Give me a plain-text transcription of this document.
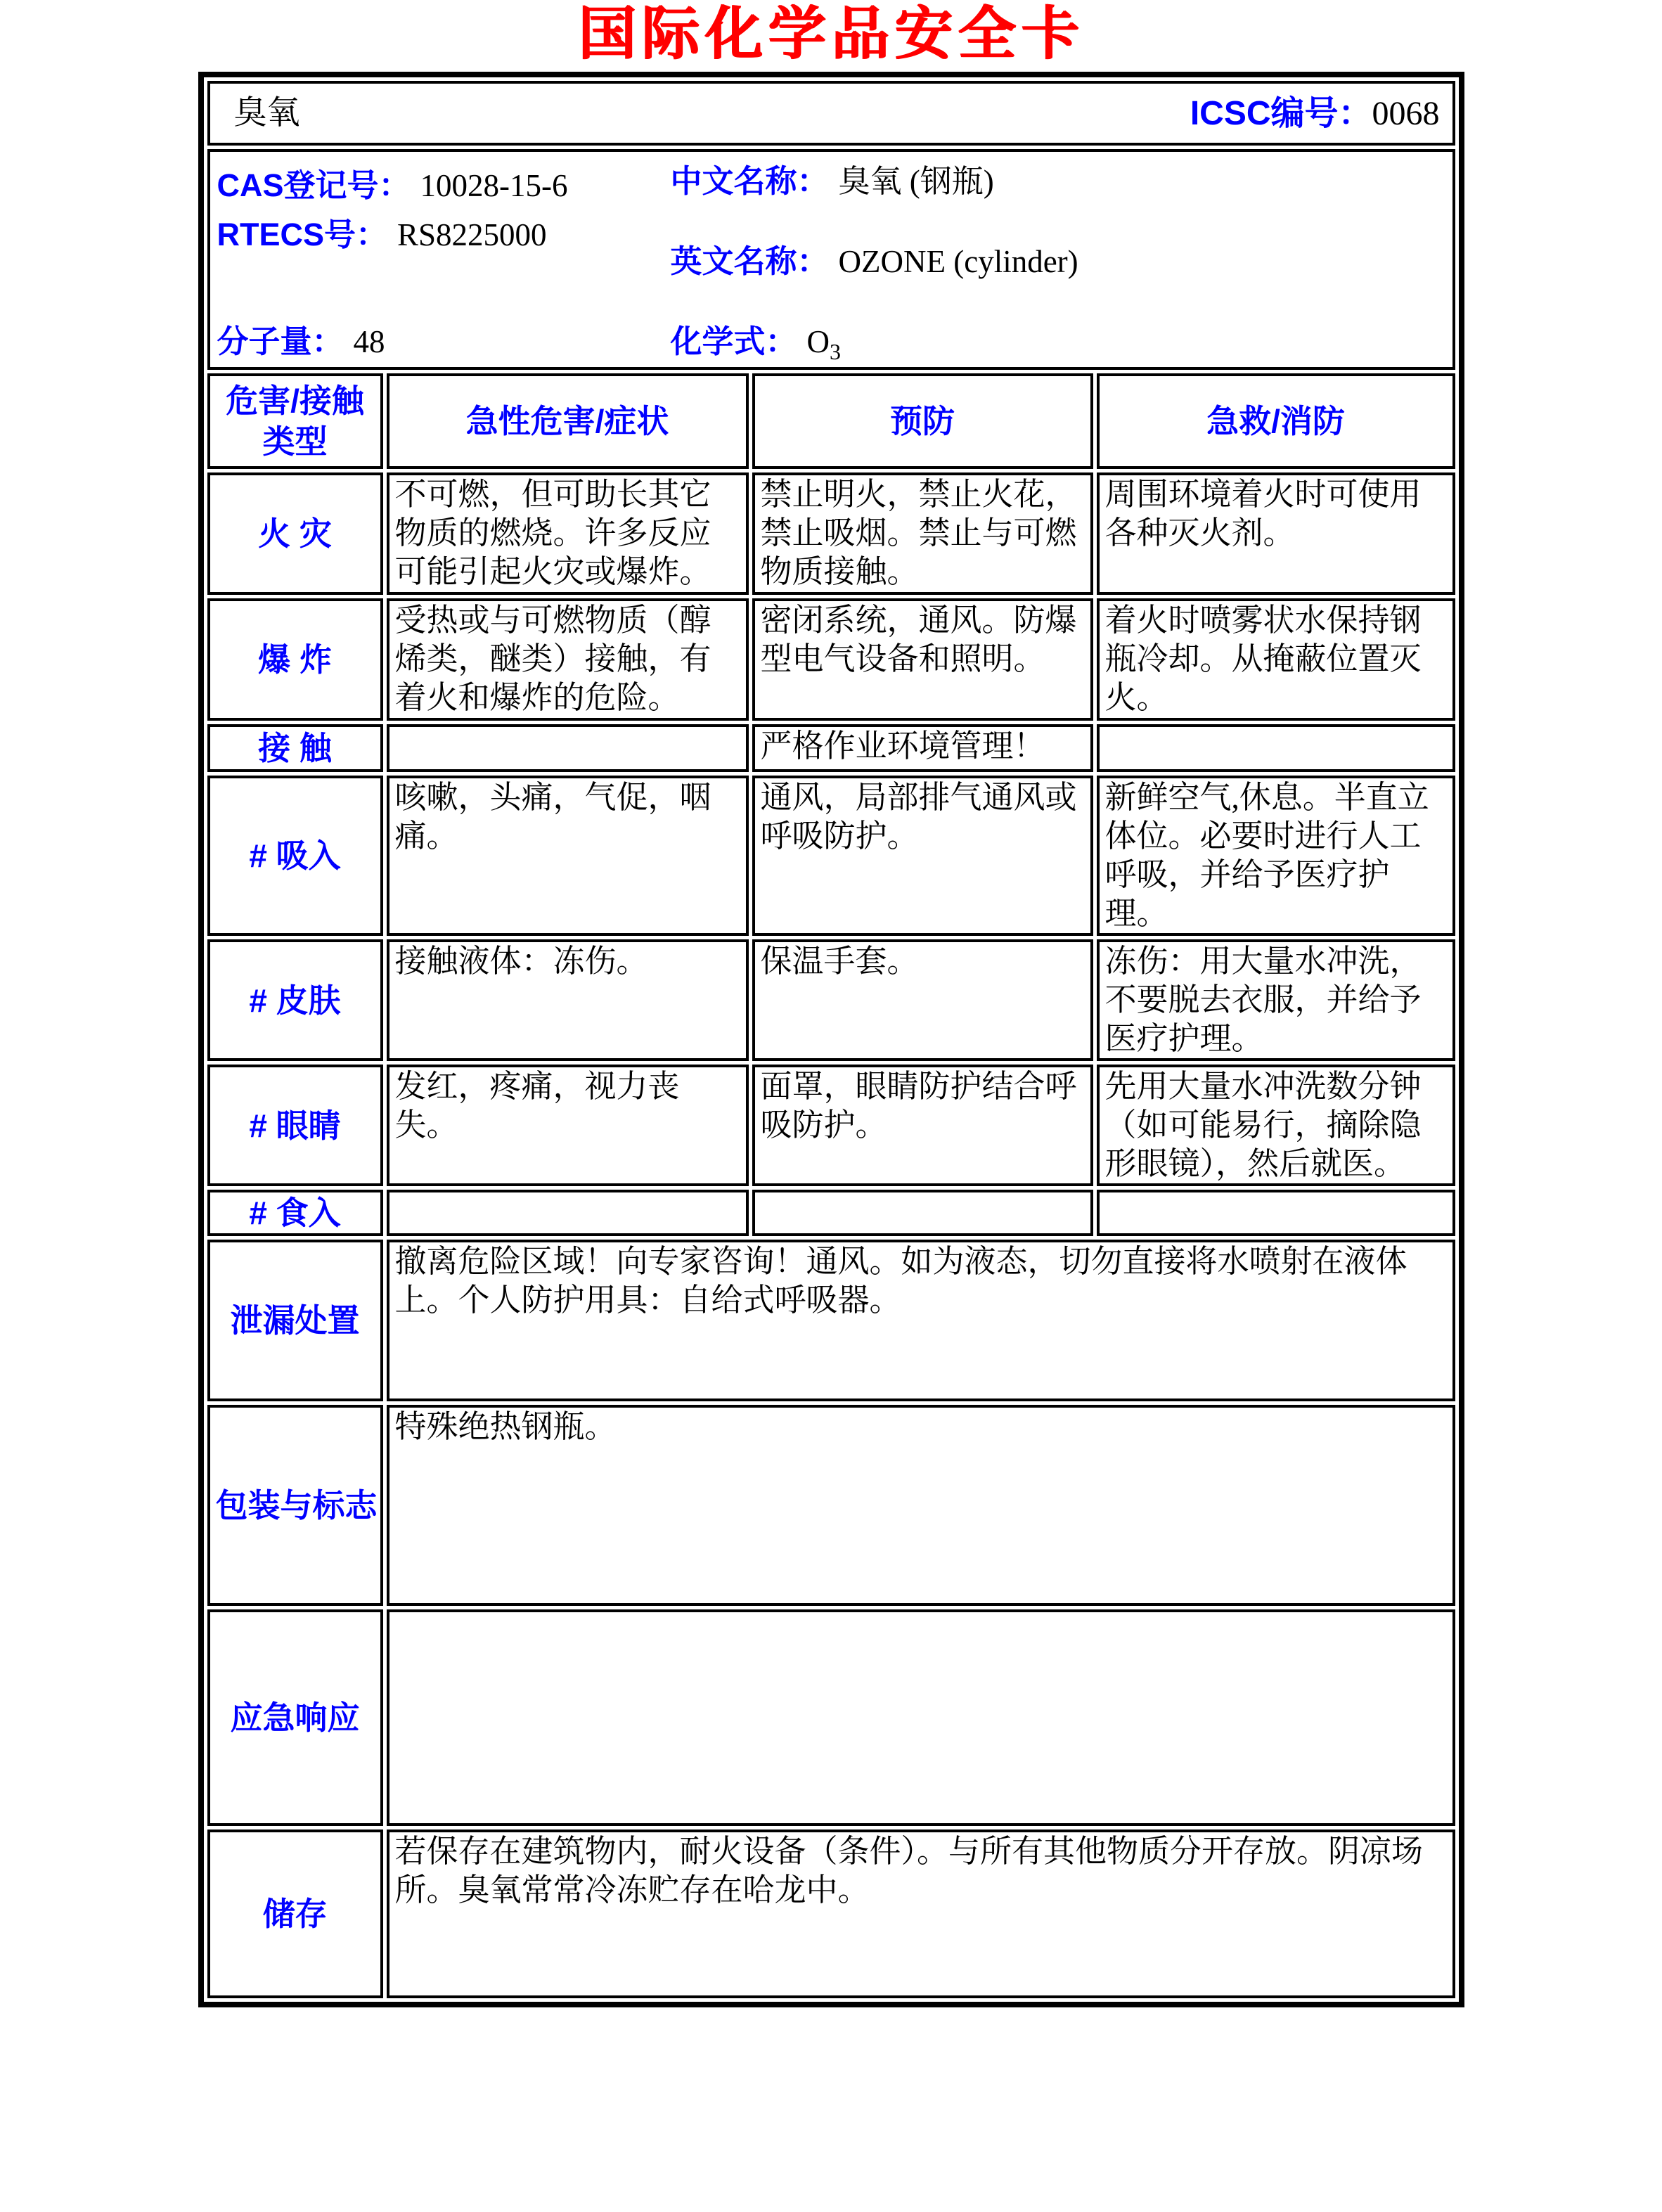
国际化学品安全卡
臭氧 ICSC编号：0068			

CAS登记号： 10028-15-6	中文名称： 臭氧 (钢瓶)
RTECS号： RS8225000
英文名称： OZONE (cylinder)
分子量： 48	化学式： $O_3$

危害/接触类型	急性危害/症状	预防	急救/消防
火 灾	不可燃，但可助长其它物质的燃烧。许多反应可能引起火灾或爆炸。	禁止明火，禁止火花，禁止吸烟。禁止与可燃物质接触。	周围环境着火时可使用各种灭火剂。
爆 炸	受热或与可燃物质（醇烯类，醚类）接触，有着火和爆炸的危险。	密闭系统，通风。防爆型电气设备和照明。	着火时喷雾状水保持钢瓶冷却。从掩蔽位置灭火。
接 触		严格作业环境管理！	
# 吸入	咳嗽，头痛，气促，咽痛。	通风，局部排气通风或呼吸防护。	新鲜空气,休息。半直立体位。必要时进行人工呼吸，并给予医疗护理。
# 皮肤	接触液体：冻伤。	保温手套。	冻伤：用大量水冲洗，不要脱去衣服，并给予医疗护理。
# 眼睛	发红，疼痛，视力丧失。	面罩，眼睛防护结合呼吸防护。	先用大量水冲洗数分钟（如可能易行，摘除隐形眼镜），然后就医。
# 食入			
泄漏处置	撤离危险区域！向专家咨询！通风。如为液态，切勿直接将水喷射在液体上。个人防护用具：自给式呼吸器。		
包装与标志	特殊绝热钢瓶。		
应急响应			
储存	若保存在建筑物内，耐火设备（条件）。与所有其他物质分开存放。阴凉场所。臭氧常常冷冻贮存在哈龙中。		
